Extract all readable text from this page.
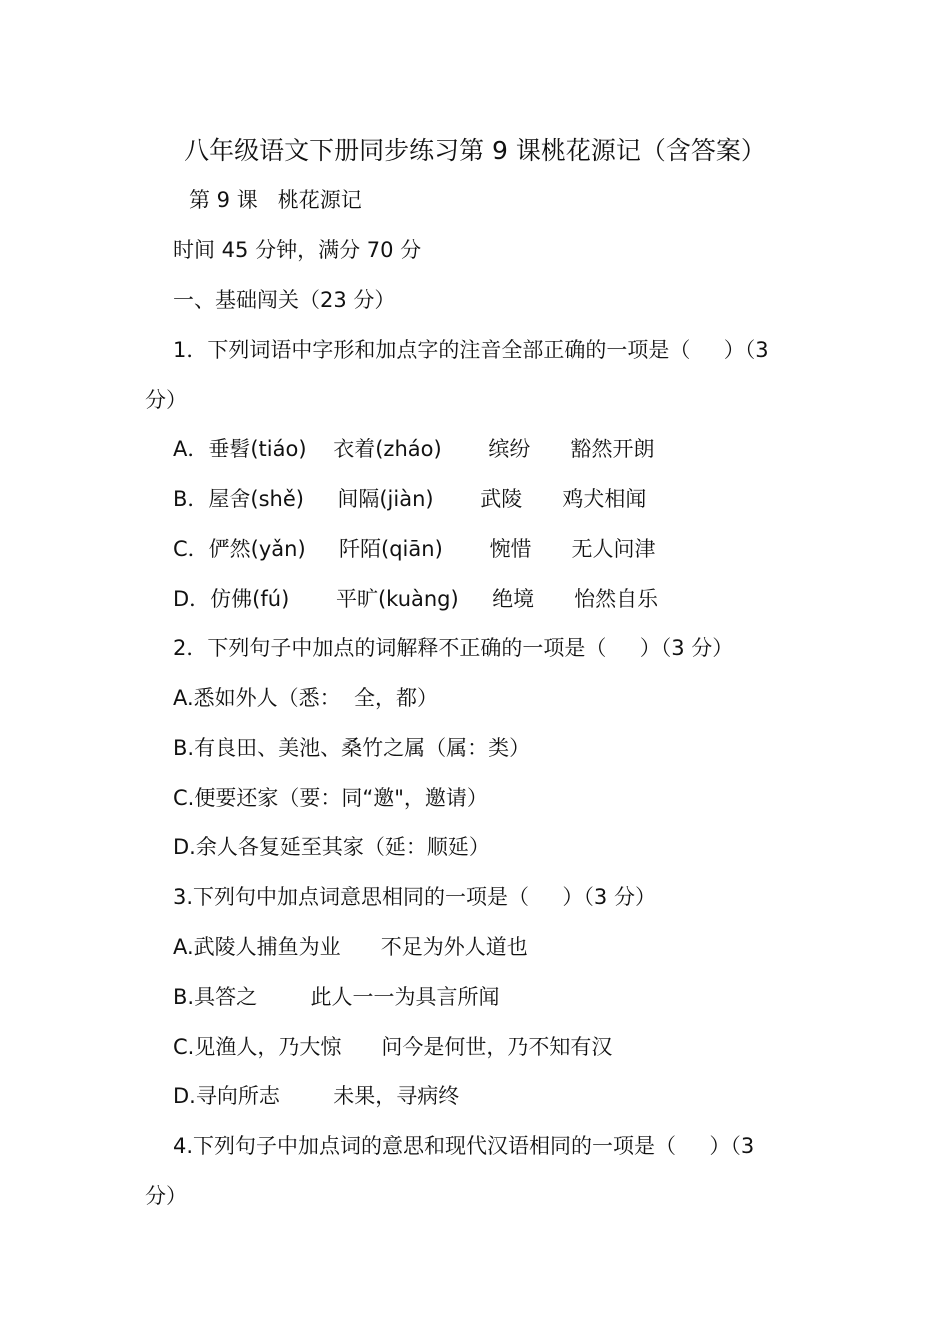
八年级语文下册同步练习第 9 课桃花源记（含答案）
第 9 课   桃花源记
时间 45 分钟，满分 70 分
一、基础闯关（23 分）
1．下列词语中字形和加点字的注音全部正确的一项是（     ）（3
分）
A．垂髫(tiáo)    衣着(zháo)       缤纷      豁然开朗
B．屋舍(shě)     间隔(jiàn)       武陵      鸡犬相闻
C．俨然(yǎn)     阡陌(qiān)       惋惜      无人问津
D．仿佛(fú)       平旷(kuàng)     绝境      怡然自乐
2．下列句子中加点的词解释不正确的一项是（     ）（3 分）
A.悉如外人（悉：  全，都）
B.有良田、美池、桑竹之属（属：类）
C.便要还家（要：同“邀"，邀请）
D.余人各复延至其家（延：顺延）
3.下列句中加点词意思相同的一项是（     ）（3 分）
A.武陵人捕鱼为业      不足为外人道也
B.具答之        此人一一为具言所闻
C.见渔人，乃大惊      问今是何世，乃不知有汉
D.寻向所志        未果，寻病终
4.下列句子中加点词的意思和现代汉语相同的一项是（     ）（3
分）
